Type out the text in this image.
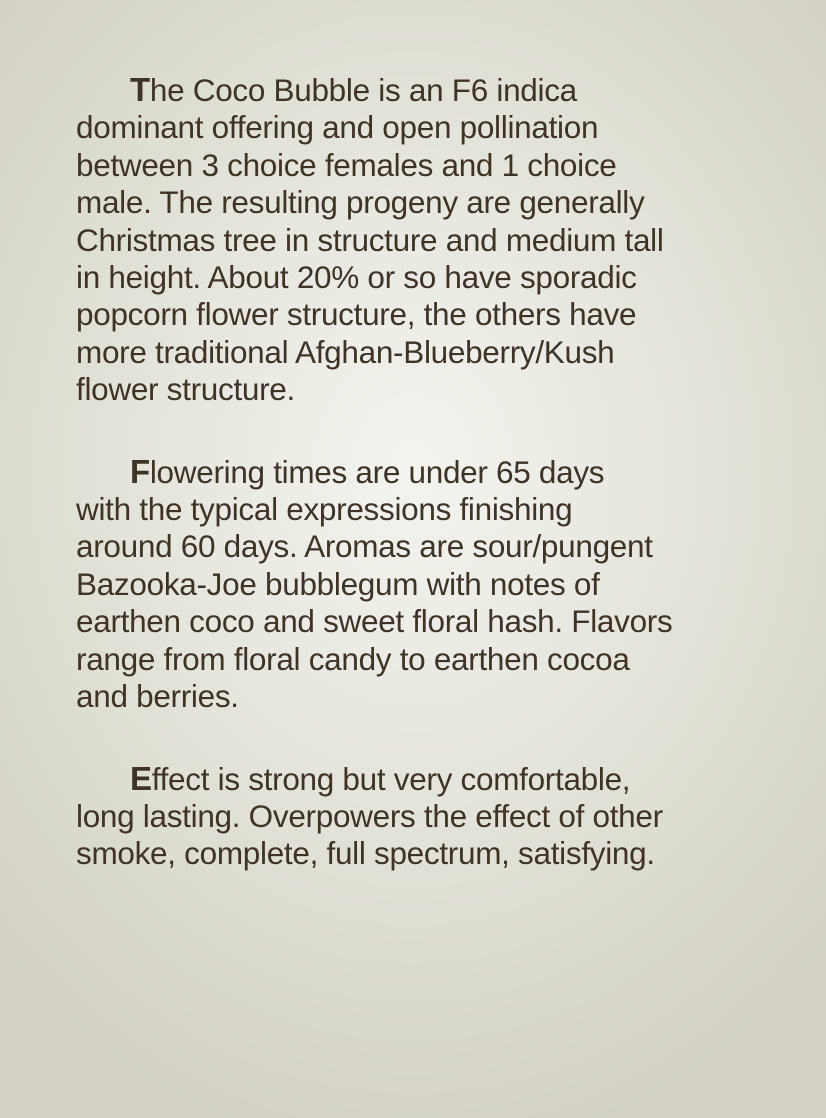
The Coco Bubble is an F6 indica
dominant offering and open pollination
between 3 choice females and 1 choice
male. The resulting progeny are generally
Christmas tree in structure and medium tall
in height. About 20% or so have sporadic
popcorn flower structure, the others have
more traditional Afghan-Blueberry/Kush
flower structure.

Flowering times are under 65 days
with the typical expressions finishing
around 60 days. Aromas are sour/pungent
Bazooka-Joe bubblegum with notes of
earthen coco and sweet floral hash. Flavors
range from floral candy to earthen cocoa
and berries.

Effect is strong but very comfortable,
long lasting. Overpowers the effect of other
smoke, complete, full spectrum, satisfying.
